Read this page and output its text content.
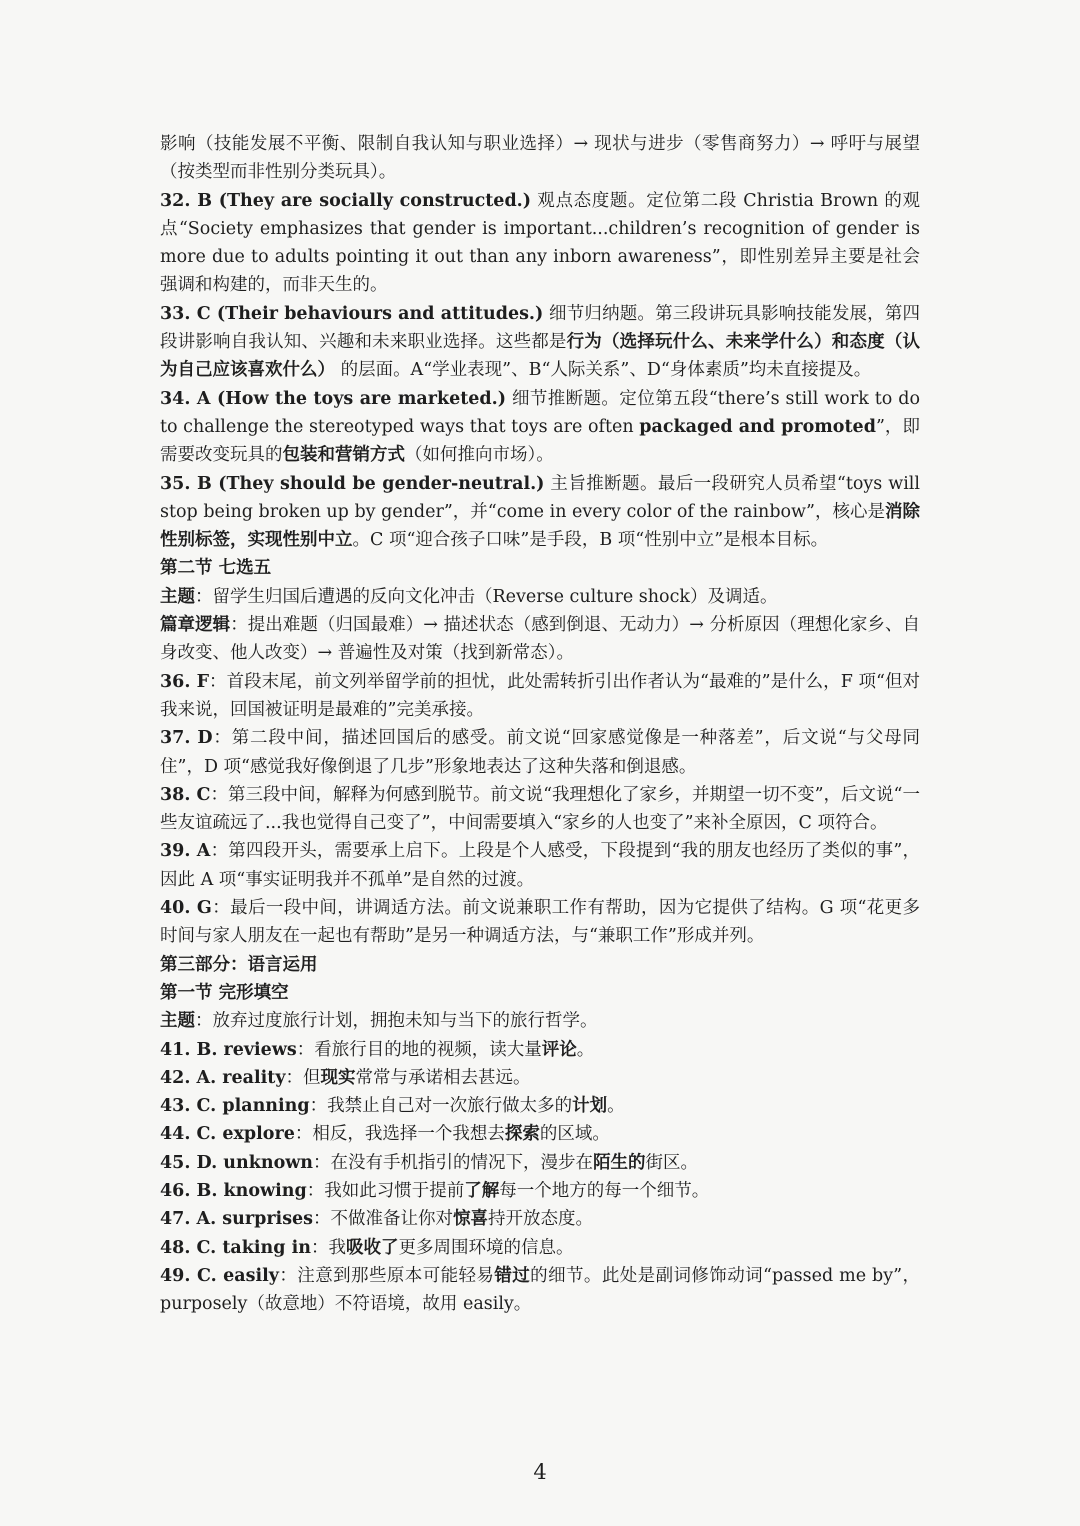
影响（技能发展不平衡、限制自我认知与职业选择）→ 现状与进步（零售商努力）→ 呼吁与展望（按类型而非性别分类玩具）。

32. B (They are socially constructed.) 观点态度题。定位第二段 Christia Brown 的观点“Society emphasizes that gender is important...children’s recognition of gender is more due to adults pointing it out than any inborn awareness”，即性别差异主要是社会强调和构建的，而非天生的。

33. C (Their behaviours and attitudes.) 细节归纳题。第三段讲玩具影响技能发展，第四段讲影响自我认知、兴趣和未来职业选择。这些都是行为（选择玩什么、未来学什么）和态度（认为自己应该喜欢什么） 的层面。A“学业表现”、B“人际关系”、D“身体素质”均未直接提及。

34. A (How the toys are marketed.) 细节推断题。定位第五段“there’s still work to do to challenge the stereotyped ways that toys are often packaged and promoted”，即需要改变玩具的包装和营销方式（如何推向市场）。

35. B (They should be gender-neutral.) 主旨推断题。最后一段研究人员希望“toys will stop being broken up by gender”，并“come in every color of the rainbow”，核心是消除性别标签，实现性别中立。C 项“迎合孩子口味”是手段，B 项“性别中立”是根本目标。

第二节 七选五

主题：留学生归国后遭遇的反向文化冲击（Reverse culture shock）及调适。

篇章逻辑：提出难题（归国最难）→ 描述状态（感到倒退、无动力）→ 分析原因（理想化家乡、自身改变、他人改变）→ 普遍性及对策（找到新常态）。

36. F：首段末尾，前文列举留学前的担忧，此处需转折引出作者认为“最难的”是什么，F 项“但对我来说，回国被证明是最难的”完美承接。

37. D：第二段中间，描述回国后的感受。前文说“回家感觉像是一种落差”，后文说“与父母同住”，D 项“感觉我好像倒退了几步”形象地表达了这种失落和倒退感。

38. C：第三段中间，解释为何感到脱节。前文说“我理想化了家乡，并期望一切不变”，后文说“一些友谊疏远了...我也觉得自己变了”，中间需要填入“家乡的人也变了”来补全原因，C 项符合。

39. A：第四段开头，需要承上启下。上段是个人感受，下段提到“我的朋友也经历了类似的事”，因此 A 项“事实证明我并不孤单”是自然的过渡。

40. G：最后一段中间，讲调适方法。前文说兼职工作有帮助，因为它提供了结构。G 项“花更多时间与家人朋友在一起也有帮助”是另一种调适方法，与“兼职工作”形成并列。

第三部分：语言运用

第一节 完形填空

主题：放弃过度旅行计划，拥抱未知与当下的旅行哲学。

41. B. reviews：看旅行目的地的视频，读大量评论。

42. A. reality：但现实常常与承诺相去甚远。

43. C. planning：我禁止自己对一次旅行做太多的计划。

44. C. explore：相反，我选择一个我想去探索的区域。

45. D. unknown：在没有手机指引的情况下，漫步在陌生的街区。

46. B. knowing：我如此习惯于提前了解每一个地方的每一个细节。

47. A. surprises：不做准备让你对惊喜持开放态度。

48. C. taking in：我吸收了更多周围环境的信息。

49. C. easily：注意到那些原本可能轻易错过的细节。此处是副词修饰动词“passed me by”，purposely（故意地）不符语境，故用 easily。

4
